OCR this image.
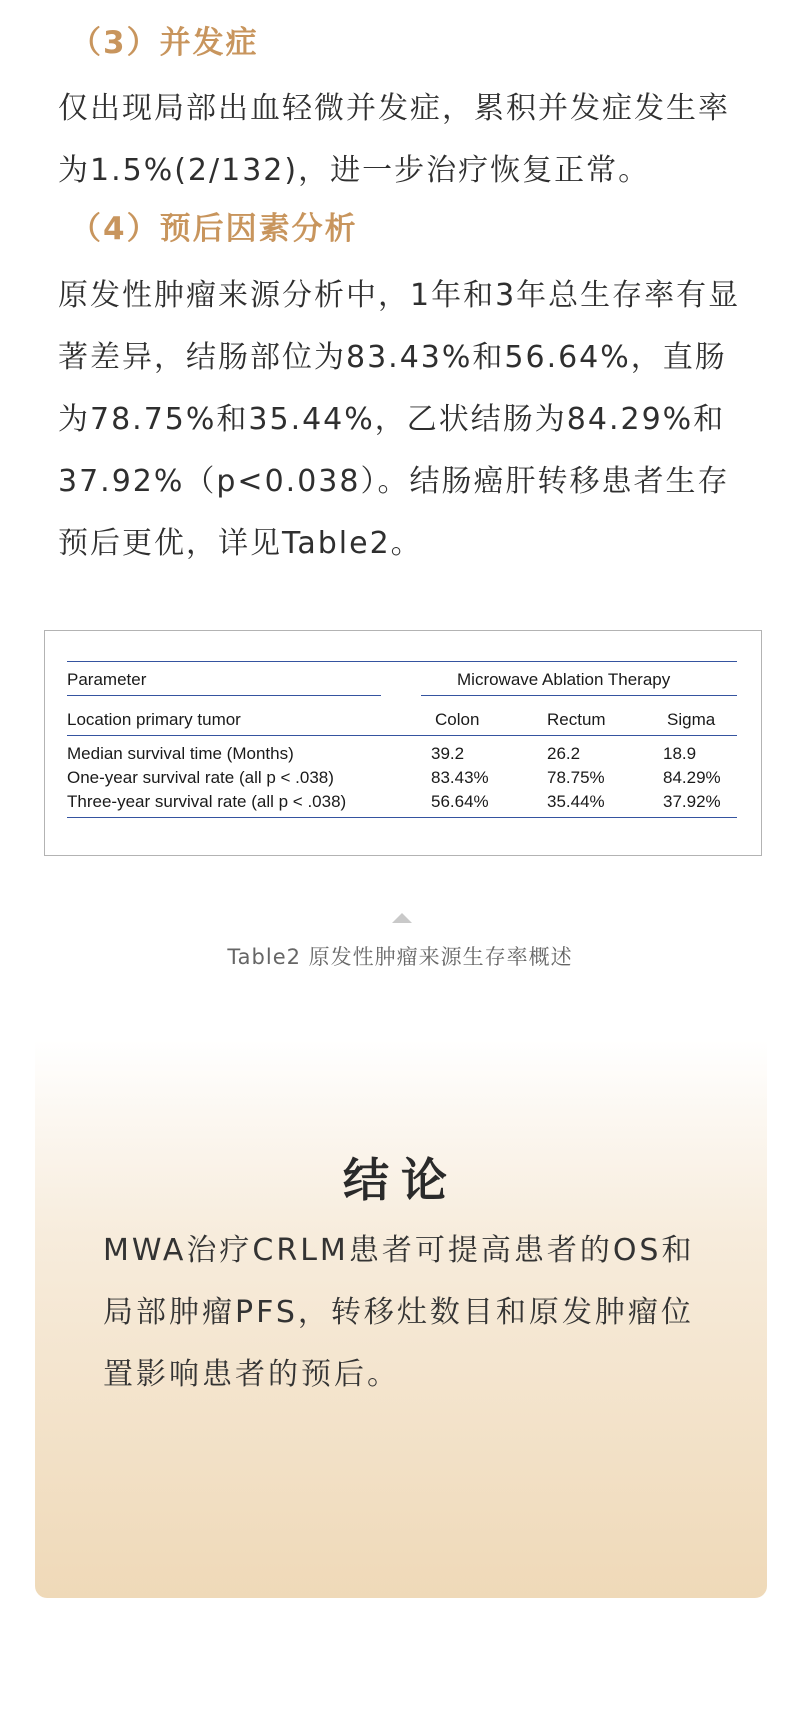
（3）并发症

仅出现局部出血轻微并发症，累积并发症发生率为1.5%(2/132)，进一步治疗恢复正常。

（4）预后因素分析

原发性肿瘤来源分析中，1年和3年总生存率有显著差异，结肠部位为83.43%和56.64%，直肠为78.75%和35.44%，乙状结肠为84.29%和37.92%（p<0.038）。结肠癌肝转移患者生存预后更优，详见Table2。

Parameter	Microwave Ablation Therapy
Location primary tumor	Colon	Rectum	Sigma
Median survival time (Months)	39.2	26.2	18.9
One-year survival rate (all p < .038)	83.43%	78.75%	84.29%
Three-year survival rate (all p < .038)	56.64%	35.44%	37.92%
Table2 原发性肿瘤来源生存率概述
结论

MWA治疗CRLM患者可提高患者的OS和局部肿瘤PFS，转移灶数目和原发肿瘤位置影响患者的预后。
